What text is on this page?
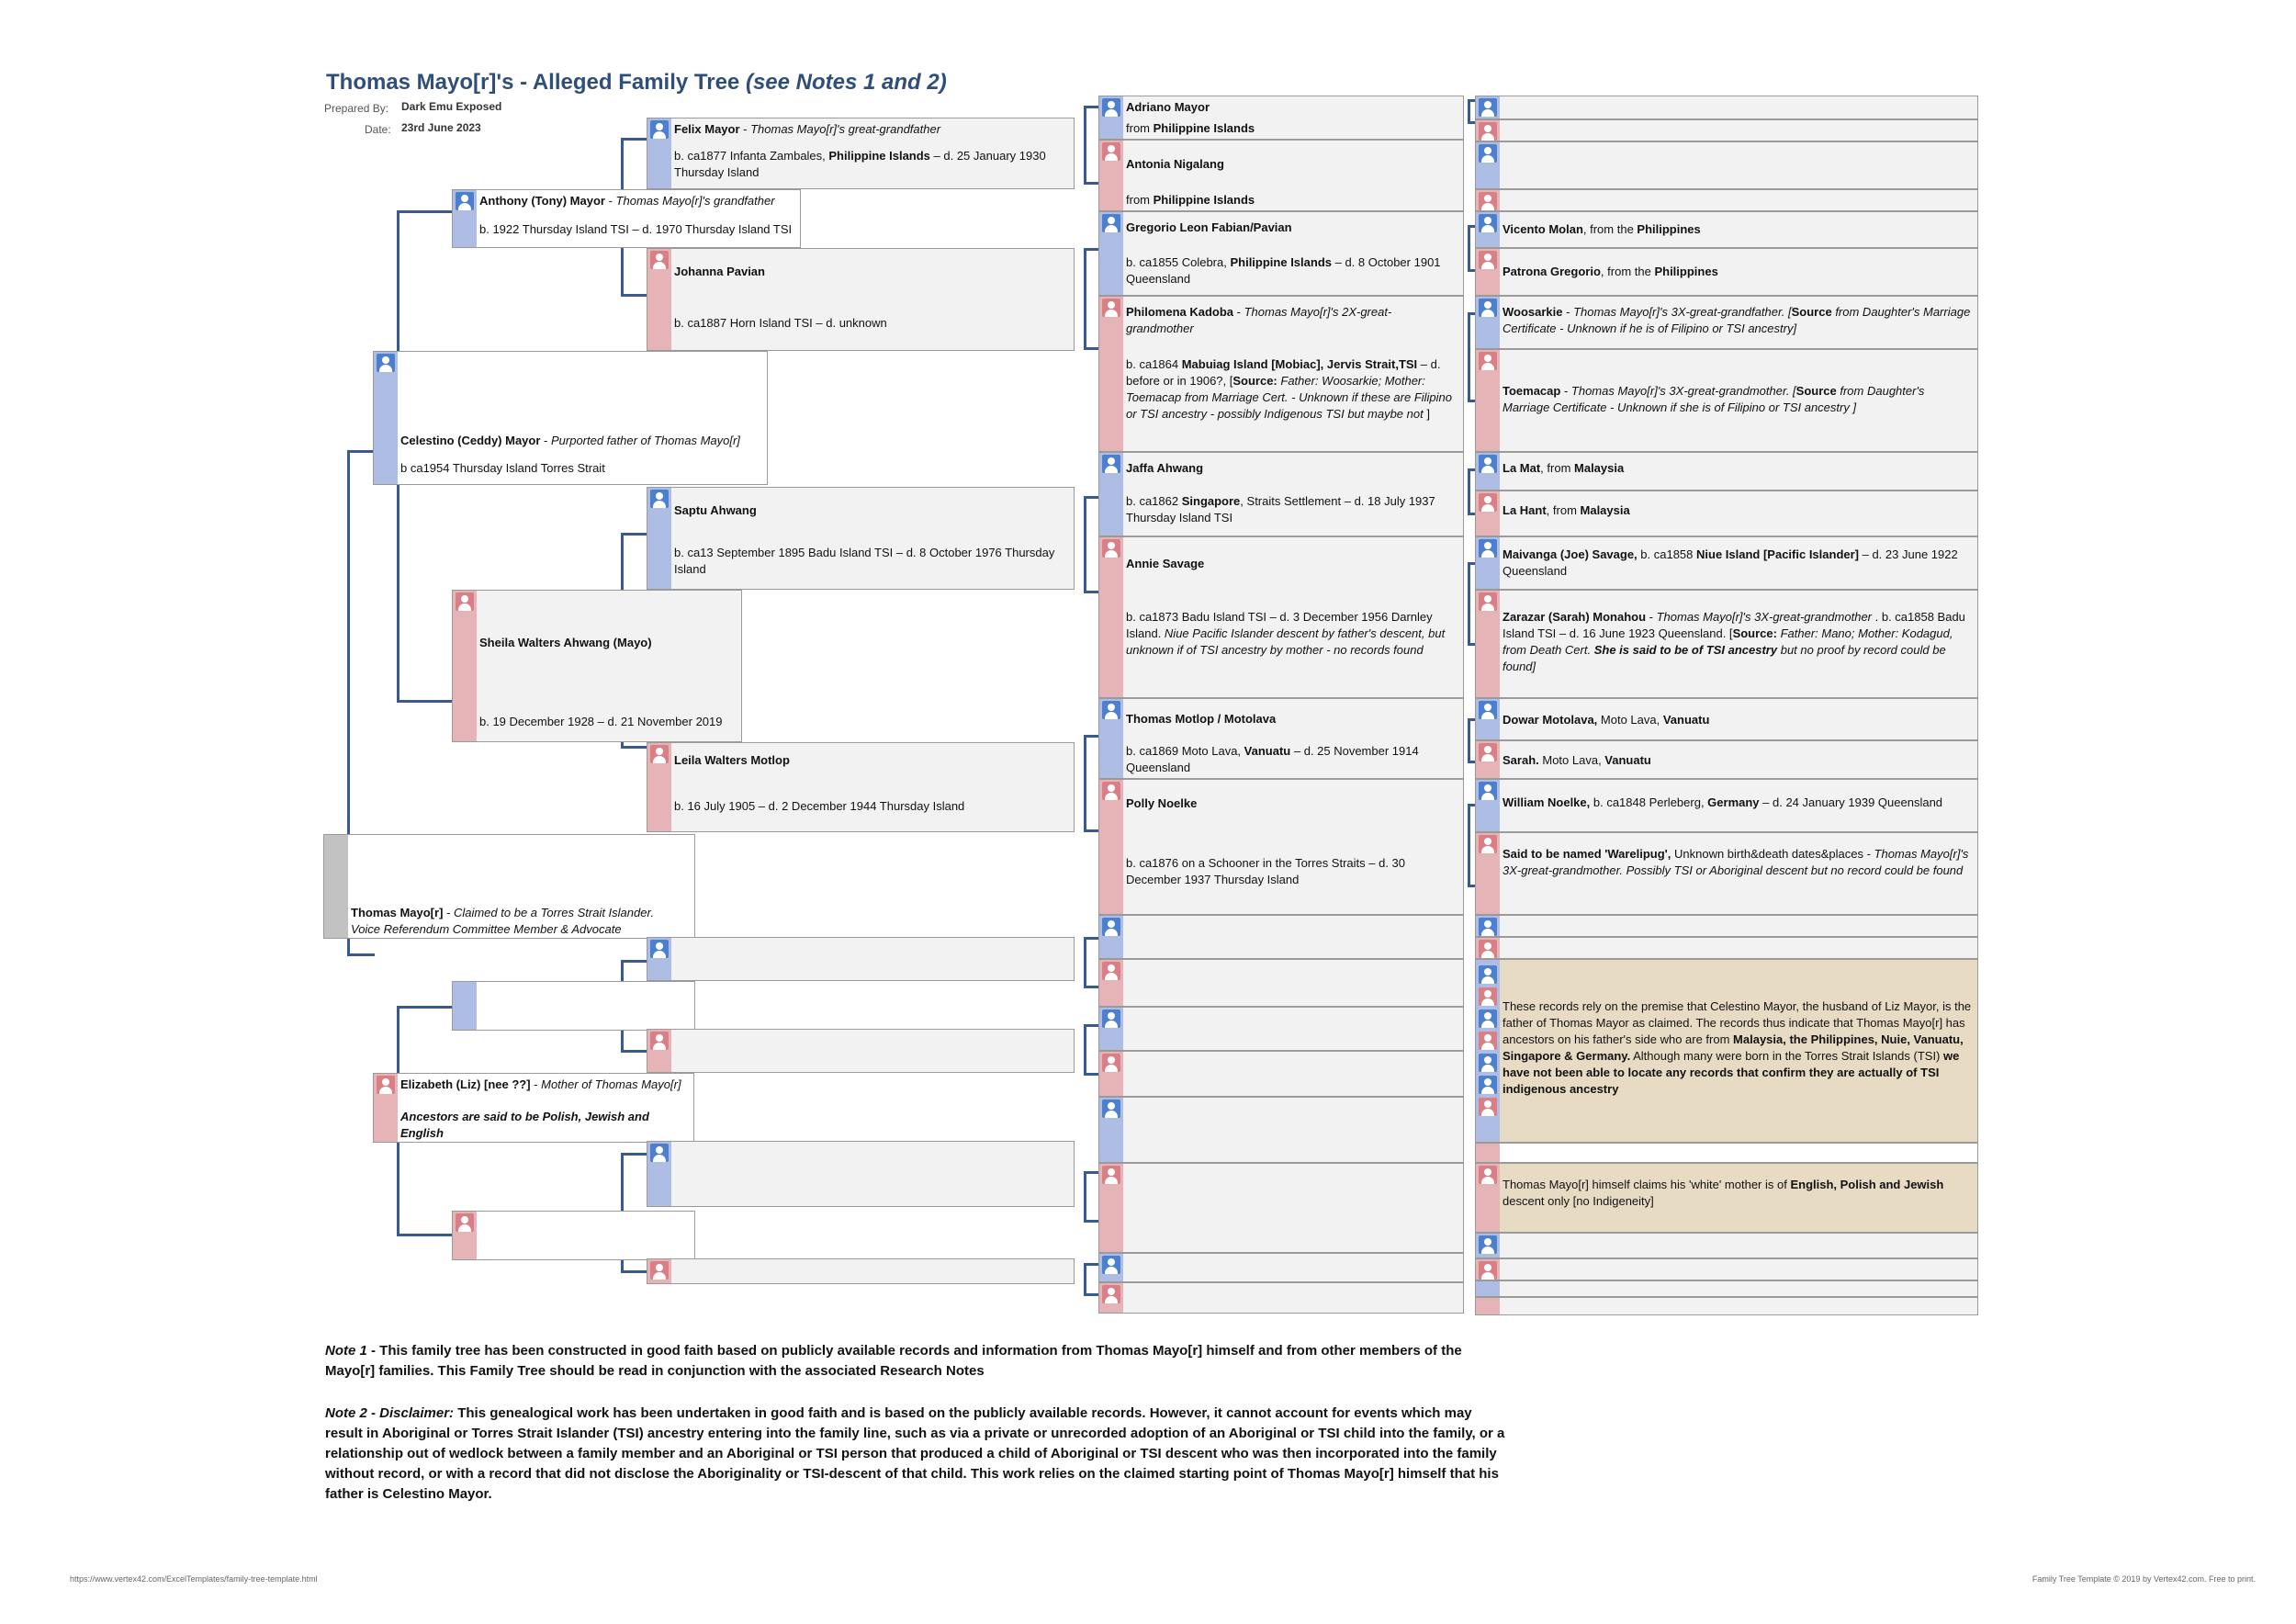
Thomas Mayo[r]'s - Alleged Family Tree (see Notes 1 and 2)
Prepared By: Dark Emu Exposed
Date: 23rd June 2023
Thomas Mayo[r] - Claimed to be a Torres Strait Islander.
Voice Referendum Committee Member & Advocate
Celestino (Ceddy) Mayor - Purported father of Thomas Mayo[r]
b ca1954 Thursday Island Torres Strait
Elizabeth (Liz) [nee ??] - Mother of Thomas Mayo[r]
Ancestors are said to be Polish, Jewish and English
Anthony (Tony) Mayor - Thomas Mayo[r]'s grandfather
b. 1922 Thursday Island TSI – d. 1970 Thursday Island TSI
Sheila Walters Ahwang (Mayo)
b. 19 December 1928 – d. 21 November 2019
Felix Mayor - Thomas Mayo[r]'s great-grandfather
b. ca1877 Infanta Zambales, Philippine Islands – d. 25 January 1930 Thursday Island
Johanna Pavian
b. ca1887 Horn Island TSI – d. unknown
Saptu Ahwang
b. ca13 September 1895 Badu Island TSI – d. 8 October 1976 Thursday Island
Leila Walters Motlop
b. 16 July 1905 – d. 2 December 1944 Thursday Island
Adriano Mayor
from Philippine Islands
Antonia Nigalang
from Philippine Islands
Gregorio Leon Fabian/Pavian
b. ca1855 Colebra, Philippine Islands – d. 8 October 1901 Queensland
Philomena Kadoba - Thomas Mayo[r]'s 2X-great-grandmother
b. ca1864 Mabuiag Island [Mobiac], Jervis Strait,TSI – d. before or in 1906?, [Source: Father: Woosarkie; Mother: Toemacap from Marriage Cert. - Unknown if these are Filipino or TSI ancestry - possibly Indigenous TSI but maybe not ]
Jaffa Ahwang
b. ca1862 Singapore, Straits Settlement – d. 18 July 1937 Thursday Island TSI
Annie Savage
b. ca1873 Badu Island TSI – d. 3 December 1956 Darnley Island. Niue Pacific Islander descent by father's descent, but unknown if of TSI ancestry by mother - no records found
Thomas Motlop / Motolava
b. ca1869 Moto Lava, Vanuatu – d. 25 November 1914 Queensland
Polly Noelke
b. ca1876 on a Schooner in the Torres Straits – d. 30 December 1937 Thursday Island
Vicento Molan, from the Philippines
Patrona Gregorio, from the Philippines
Woosarkie - Thomas Mayo[r]'s 3X-great-grandfather. [Source from Daughter's Marriage Certificate - Unknown if he is of Filipino or TSI ancestry]
Toemacap - Thomas Mayo[r]'s 3X-great-grandmother. [Source from Daughter's Marriage Certificate - Unknown if she is of Filipino or TSI ancestry ]
La Mat, from Malaysia
La Hant, from Malaysia
Maivanga (Joe) Savage, b. ca1858 Niue Island [Pacific Islander] – d. 23 June 1922 Queensland
Zarazar (Sarah) Monahou - Thomas Mayo[r]'s 3X-great-grandmother . b. ca1858 Badu Island TSI – d. 16 June 1923 Queensland. [Source: Father: Mano; Mother: Kodagud, from Death Cert. She is said to be of TSI ancestry but no proof by record could be found]
Dowar Motolava, Moto Lava, Vanuatu
Sarah. Moto Lava, Vanuatu
William Noelke, b. ca1848 Perleberg, Germany – d. 24 January 1939 Queensland
Said to be named 'Warelipug', Unknown birth&death dates&places - Thomas Mayo[r]'s 3X-great-grandmother. Possibly TSI or Aboriginal descent but no record could be found
These records rely on the premise that Celestino Mayor, the husband of Liz Mayor, is the father of Thomas Mayor as claimed. The records thus indicate that Thomas Mayo[r] has ancestors on his father's side who are from Malaysia, the Philippines, Nuie, Vanuatu, Singapore & Germany. Although many were born in the Torres Strait Islands (TSI) we have not been able to locate any records that confirm they are actually of TSI indigenous ancestry
Thomas Mayo[r] himself claims his 'white' mother is of English, Polish and Jewish descent only [no Indigeneity]
Note 1 - This family tree has been constructed in good faith based on publicly available records and information from Thomas Mayo[r] himself and from other members of the Mayo[r] families. This Family Tree should be read in conjunction with the associated Research Notes
Note 2 - Disclaimer: This genealogical work has been undertaken in good faith and is based on the publicly available records. However, it cannot account for events which may result in Aboriginal or Torres Strait Islander (TSI) ancestry entering into the family line, such as via a private or unrecorded adoption of an Aboriginal or TSI child into the family, or a relationship out of wedlock between a family member and an Aboriginal or TSI person that produced a child of Aboriginal or TSI descent who was then incorporated into the family without record, or with a record that did not disclose the Aboriginality or TSI-descent of that child. This work relies on the claimed starting point of Thomas Mayo[r] himself that his father is Celestino Mayor.
https://www.vertex42.com/ExcelTemplates/family-tree-template.html	Family Tree Template © 2019 by Vertex42.com. Free to print.
